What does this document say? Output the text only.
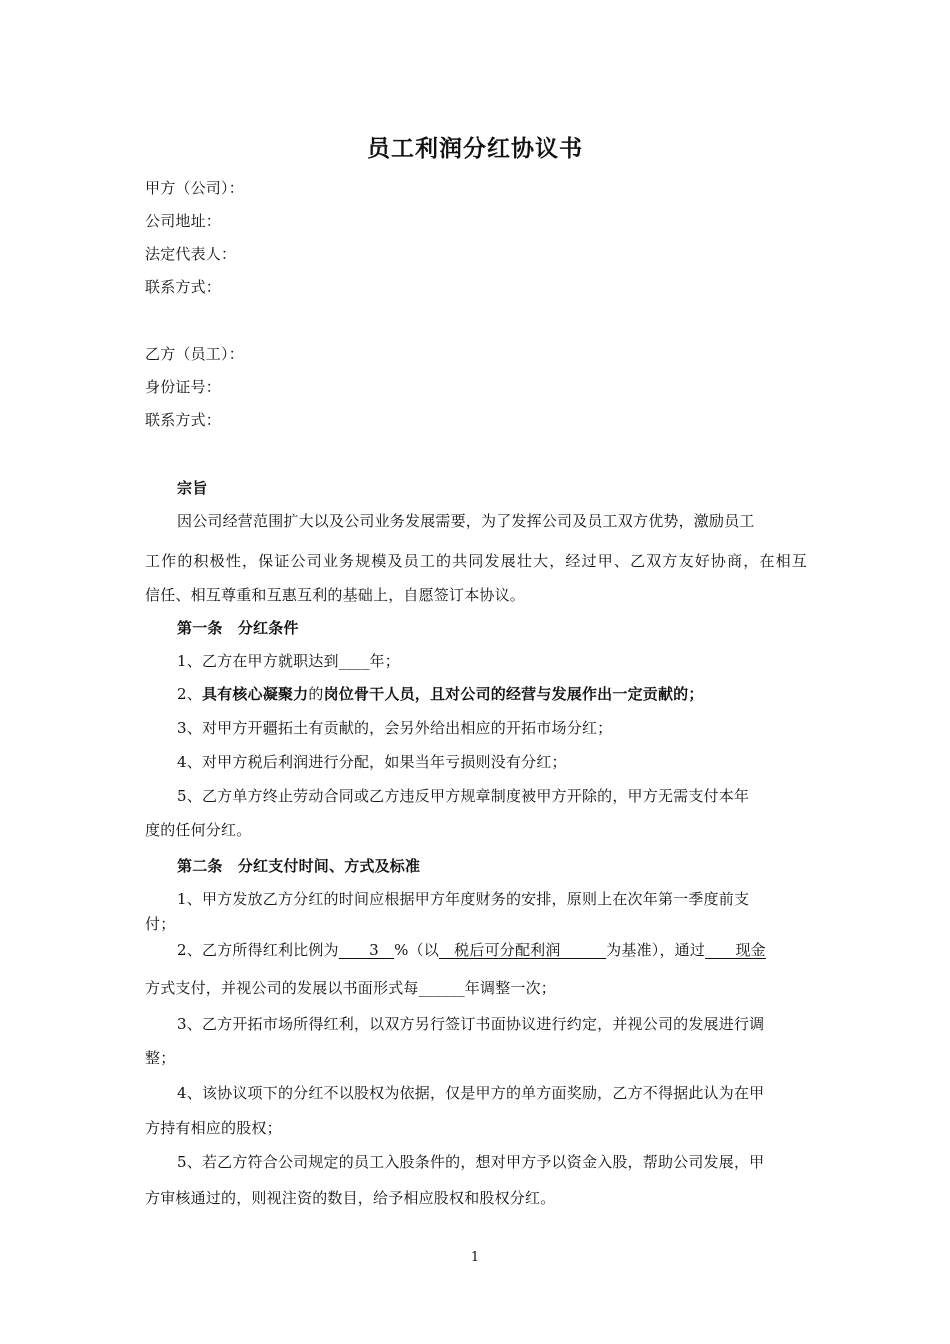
员工利润分红协议书
甲方（公司）：
公司地址：
法定代表人：
联系方式：
乙方（员工）：
身份证号：
联系方式：
宗旨
因公司经营范围扩大以及公司业务发展需要，为了发挥公司及员工双方优势，激励员工
工作的积极性，保证公司业务规模及员工的共同发展壮大，经过甲、乙双方友好协商，在相互
信任、相互尊重和互惠互利的基础上，自愿签订本协议。
第一条　分红条件
1、乙方在甲方就职达到____年；
2、具有核心凝聚力的岗位骨干人员，且对公司的经营与发展作出一定贡献的；
3、对甲方开疆拓土有贡献的，会另外给出相应的开拓市场分红；
4、对甲方税后利润进行分配，如果当年亏损则没有分红；
5、乙方单方终止劳动合同或乙方违反甲方规章制度被甲方开除的，甲方无需支付本年
度的任何分红。
第二条　分红支付时间、方式及标准
1、甲方发放乙方分红的时间应根据甲方年度财务的安排，原则上在次年第一季度前支
付；
2、乙方所得红利比例为　　3　%（以　税后可分配利润　　　为基准），通过　　现金
方式支付，并视公司的发展以书面形式每______年调整一次；
3、乙方开拓市场所得红利，以双方另行签订书面协议进行约定，并视公司的发展进行调
整；
4、该协议项下的分红不以股权为依据，仅是甲方的单方面奖励，乙方不得据此认为在甲
方持有相应的股权；
5、若乙方符合公司规定的员工入股条件的，想对甲方予以资金入股，帮助公司发展，甲
方审核通过的，则视注资的数目，给予相应股权和股权分红。
1
